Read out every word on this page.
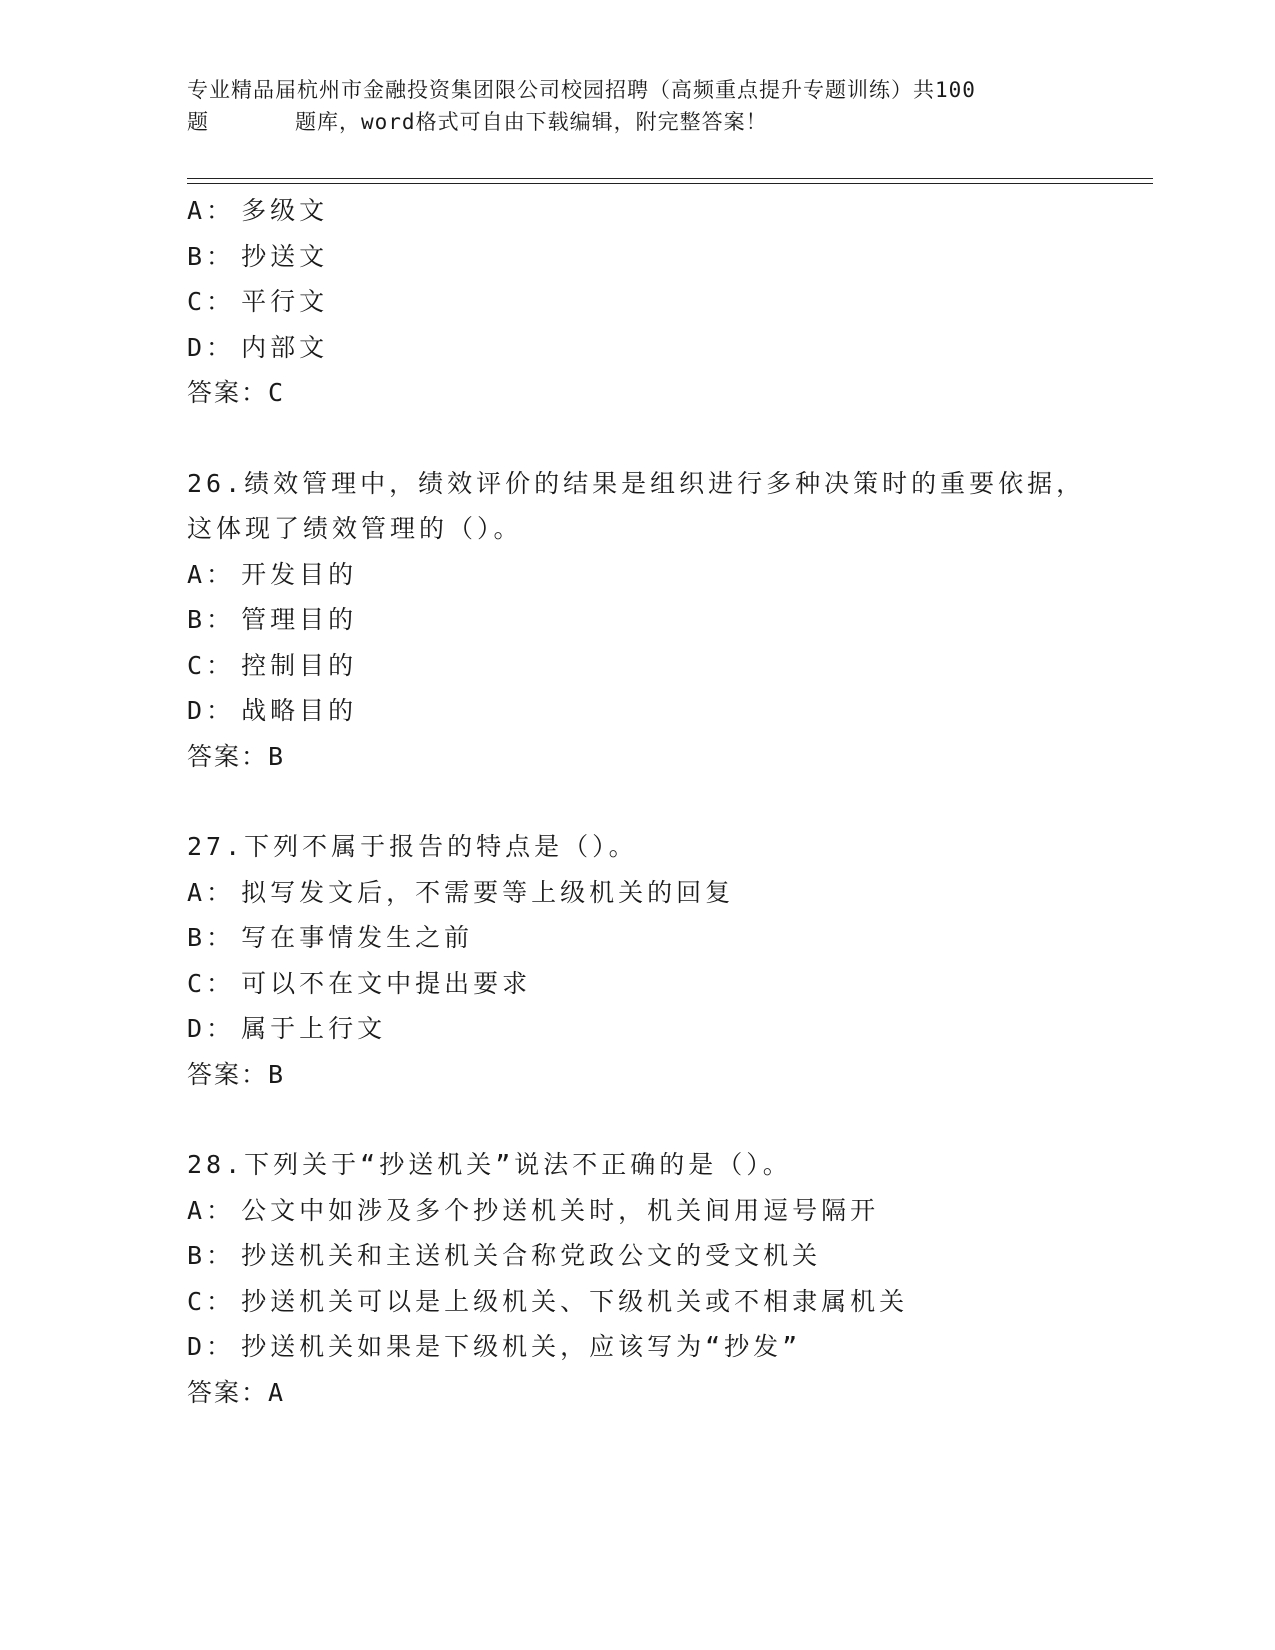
专业精品届杭州市金融投资集团限公司校园招聘（高频重点提升专题训练）共100
题	题库，word格式可自由下载编辑，附完整答案！
A： 多级文
B： 抄送文
C： 平行文
D： 内部文
答案：C
26.绩效管理中，绩效评价的结果是组织进行多种决策时的重要依据，
这体现了绩效管理的（）。
A： 开发目的
B： 管理目的
C： 控制目的
D： 战略目的
答案：B
27.下列不属于报告的特点是（）。
A： 拟写发文后，不需要等上级机关的回复
B： 写在事情发生之前
C： 可以不在文中提出要求
D： 属于上行文
答案：B
28.下列关于“抄送机关”说法不正确的是（）。
A： 公文中如涉及多个抄送机关时，机关间用逗号隔开
B： 抄送机关和主送机关合称党政公文的受文机关
C： 抄送机关可以是上级机关、下级机关或不相隶属机关
D： 抄送机关如果是下级机关，应该写为“抄发”
答案：A
